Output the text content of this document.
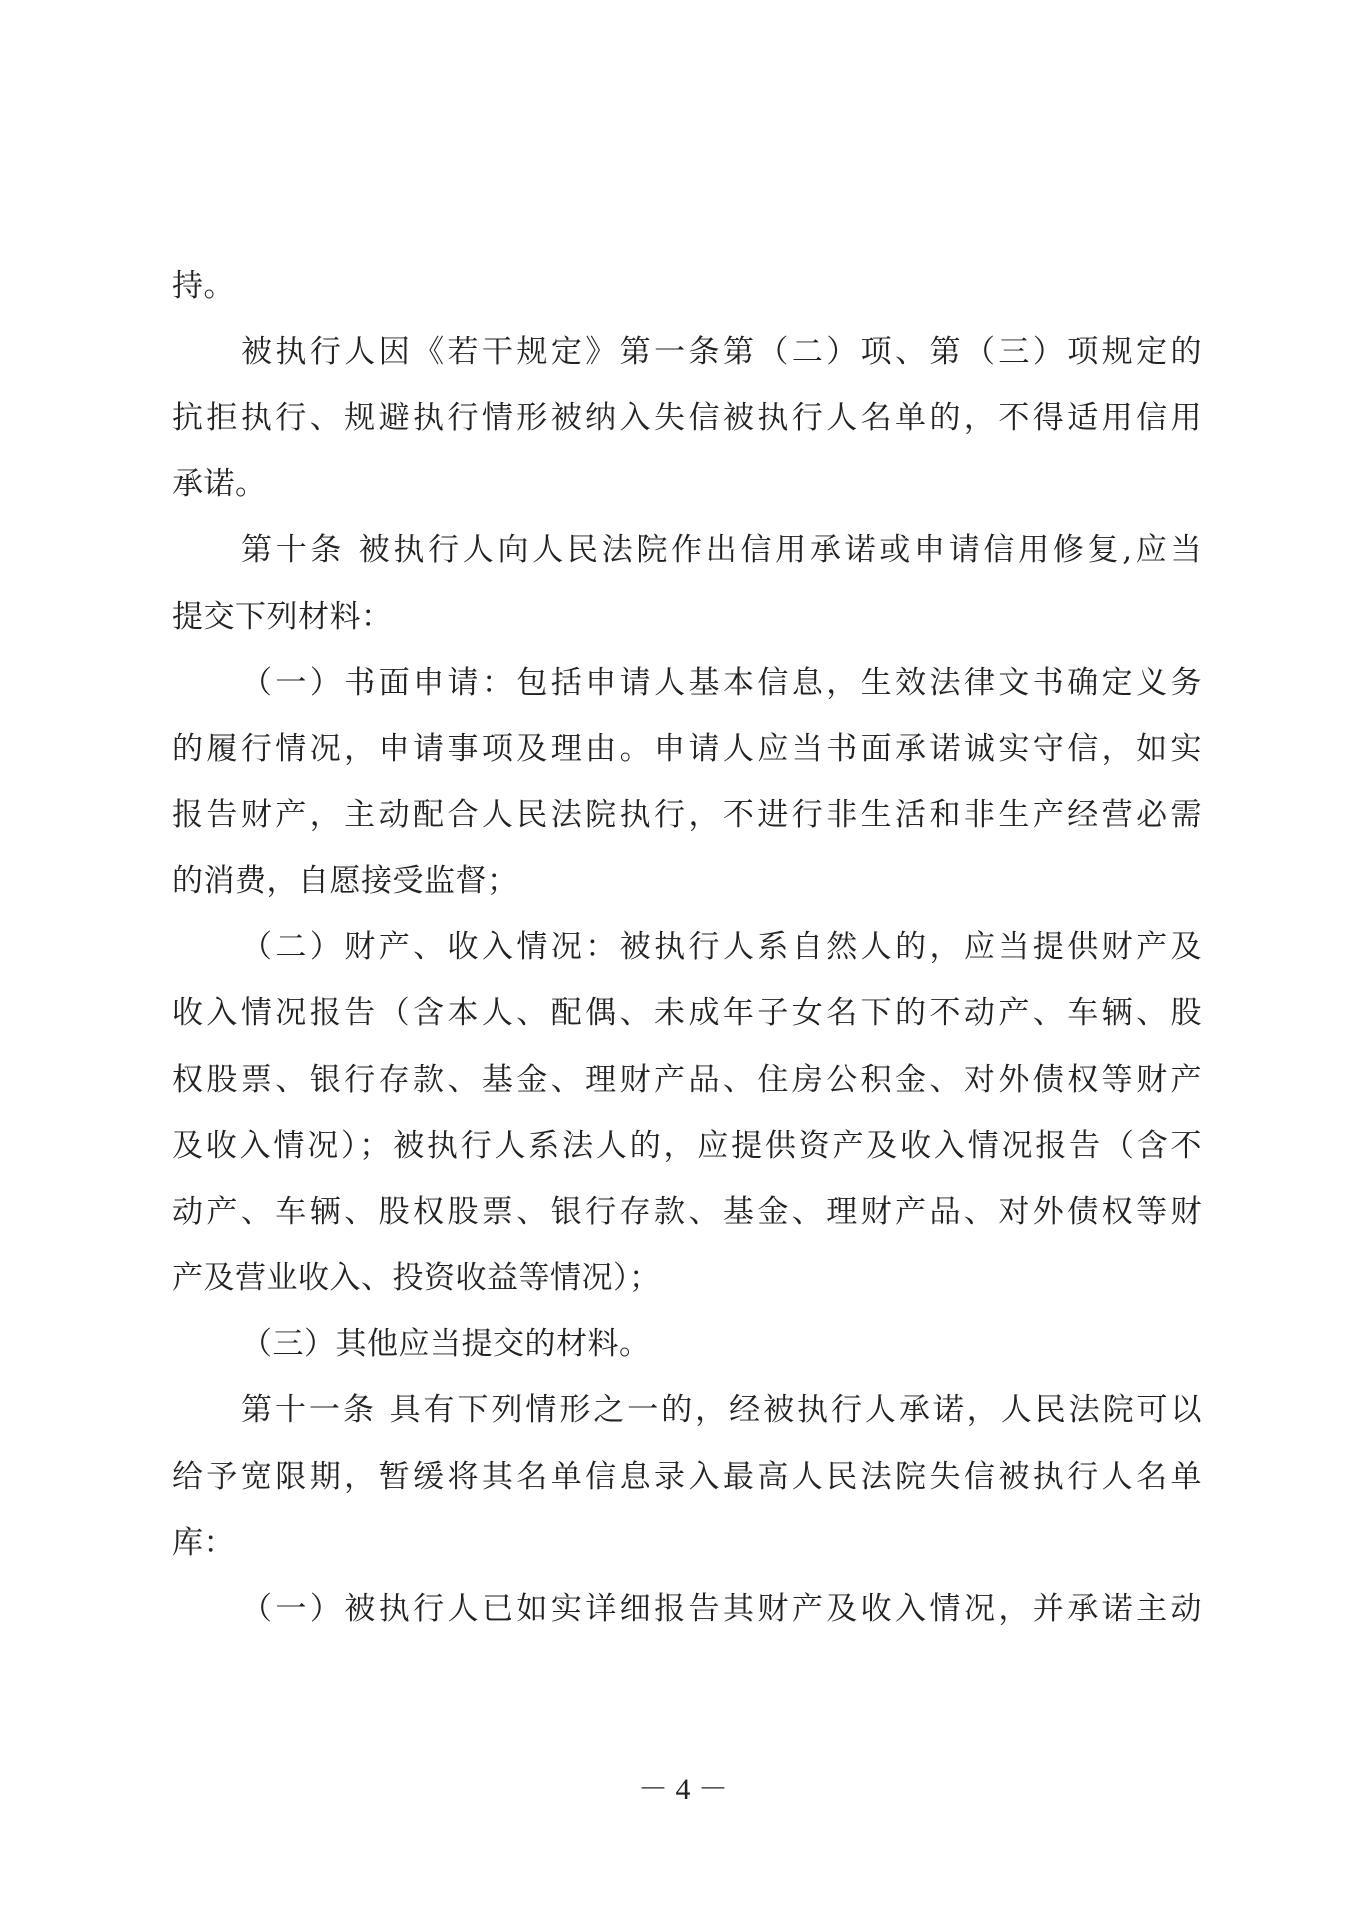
持。
被执行人因《若干规定》第一条第（二）项、第（三）项规定的
抗拒执行、规避执行情形被纳入失信被执行人名单的，不得适用信用
承诺。
第十条 被执行人向人民法院作出信用承诺或申请信用修复,应当
提交下列材料：
（一）书面申请：包括申请人基本信息，生效法律文书确定义务
的履行情况，申请事项及理由。申请人应当书面承诺诚实守信，如实
报告财产，主动配合人民法院执行，不进行非生活和非生产经营必需
的消费，自愿接受监督；
（二）财产、收入情况：被执行人系自然人的，应当提供财产及
收入情况报告（含本人、配偶、未成年子女名下的不动产、车辆、股
权股票、银行存款、基金、理财产品、住房公积金、对外债权等财产
及收入情况）；被执行人系法人的，应提供资产及收入情况报告（含不
动产、车辆、股权股票、银行存款、基金、理财产品、对外债权等财
产及营业收入、投资收益等情况）；
（三）其他应当提交的材料。
第十一条 具有下列情形之一的，经被执行人承诺，人民法院可以
给予宽限期，暂缓将其名单信息录入最高人民法院失信被执行人名单
库：
（一）被执行人已如实详细报告其财产及收入情况，并承诺主动
－ 4 －
